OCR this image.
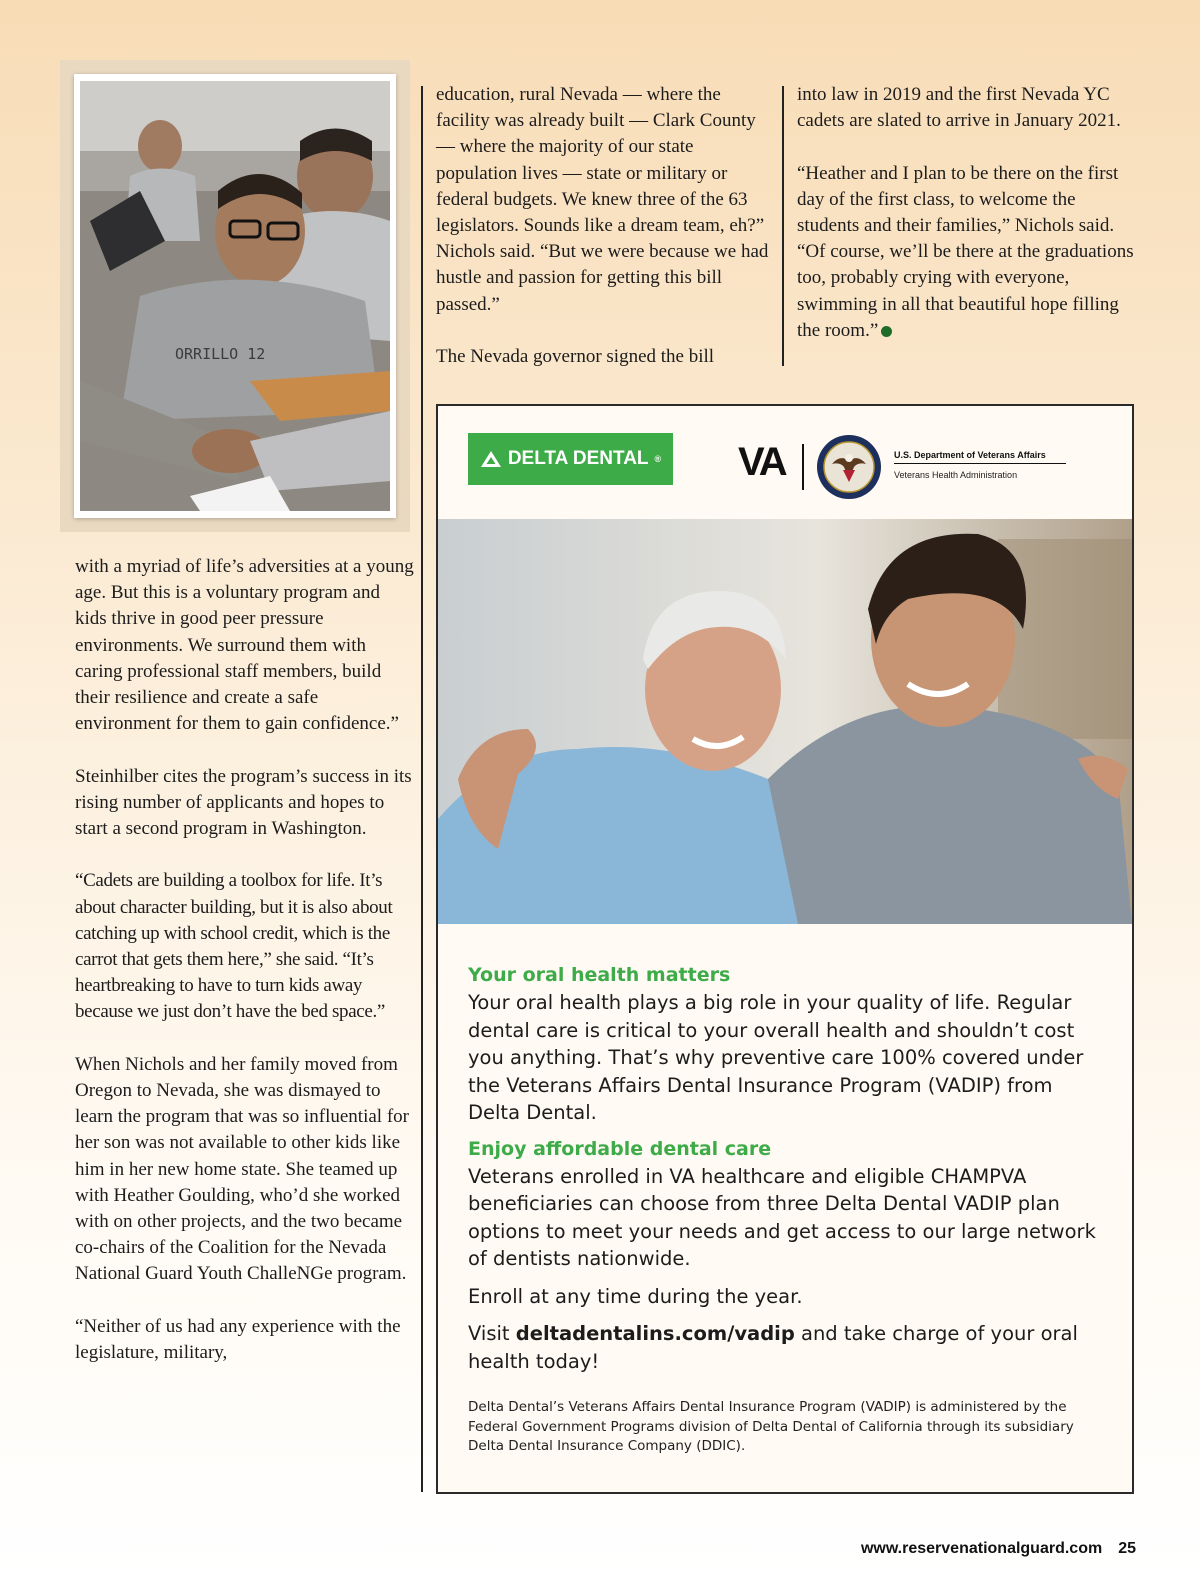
ORRILLO 12

with a myriad of life’s adversities at a young age. But this is a voluntary program and kids thrive in good peer pressure environments. We surround them with caring professional staff members, build their resilience and create a safe environment for them to gain confidence.”

Steinhilber cites the program’s success in its rising number of applicants and hopes to start a second program in Washington.

“Cadets are building a toolbox for life. It’s about character building, but it is also about catching up with school credit, which is the carrot that gets them here,” she said. “It’s heartbreaking to have to turn kids away because we just don’t have the bed space.”

When Nichols and her family moved from Oregon to Nevada, she was dismayed to learn the program that was so influential for her son was not available to other kids like him in her new home state. She teamed up with Heather Goulding, who’d she worked with on other projects, and the two became co-chairs of the Coalition for the Nevada National Guard Youth ChalleNGe program.

“Neither of us had any experience with the legislature, military,

education, rural Nevada — where the facility was already built — Clark County — where the majority of our state population lives — state or military or federal budgets. We knew three of the 63 legislators. Sounds like a dream team, eh?” Nichols said. “But we were because we had hustle and passion for getting this bill passed.”

The Nevada governor signed the bill

into law in 2019 and the first Nevada YC cadets are slated to arrive in January 2021.

“Heather and I plan to be there on the first day of the first class, to welcome the students and their families,” Nichols said. “Of course, we’ll be there at the graduations too, probably crying with everyone, swimming in all that beautiful hope filling the room.”

DELTA DENTAL ® VA	U.S. Department of Veterans Affairs
Veterans Health Administration
Your oral health matters

Your oral health plays a big role in your quality of life. Regular dental care is critical to your overall health and shouldn’t cost you anything. That’s why preventive care 100% covered under the Veterans Affairs Dental Insurance Program (VADIP) from Delta Dental.

Enjoy affordable dental care

Veterans enrolled in VA healthcare and eligible CHAMPVA beneficiaries can choose from three Delta Dental VADIP plan options to meet your needs and get access to our large network of dentists nationwide.

Enroll at any time during the year.

Visit deltadentalins.com/vadip and take charge of your oral health today!

Delta Dental’s Veterans Affairs Dental Insurance Program (VADIP) is administered by the Federal Government Programs division of Delta Dental of California through its subsidiary Delta Dental Insurance Company (DDIC).
www.reservenationalguard.com 25
